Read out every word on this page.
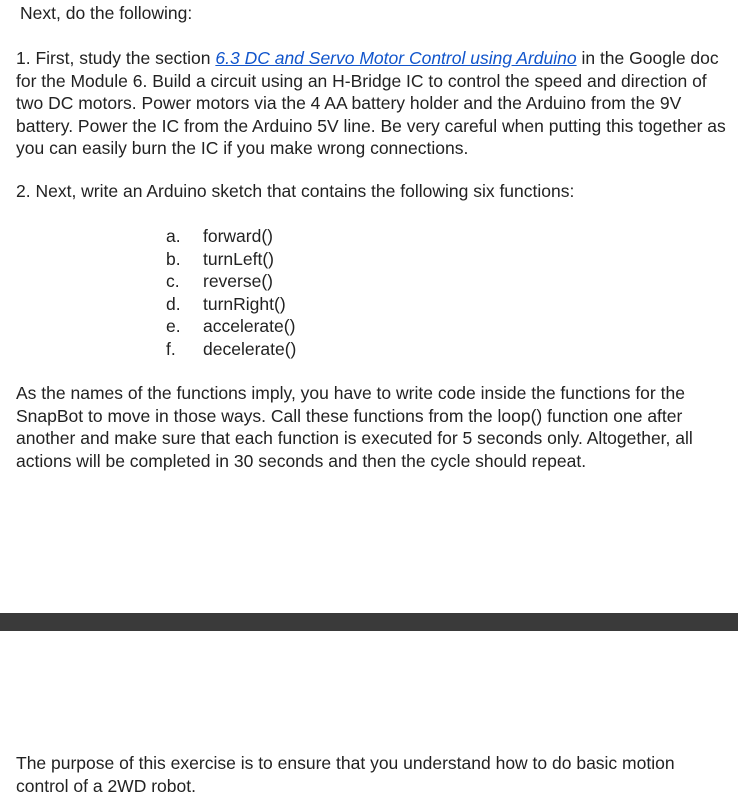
Next, do the following:

1. First, study the section 6.3 DC and Servo Motor Control using Arduino in the Google doc for the Module 6. Build a circuit using an H-Bridge IC to control the speed and direction of two DC motors. Power motors via the 4 AA battery holder and the Arduino from the 9V battery. Power the IC from the Arduino 5V line. Be very careful when putting this together as you can easily burn the IC if you make wrong connections.

2. Next, write an Arduino sketch that contains the following six functions:

a. forward()
b. turnLeft()
c. reverse()
d. turnRight()
e. accelerate()
f. decelerate()

As the names of the functions imply, you have to write code inside the functions for the SnapBot to move in those ways. Call these functions from the loop() function one after another and make sure that each function is executed for 5 seconds only. Altogether, all actions will be completed in 30 seconds and then the cycle should repeat.

The purpose of this exercise is to ensure that you understand how to do basic motion control of a 2WD robot.
